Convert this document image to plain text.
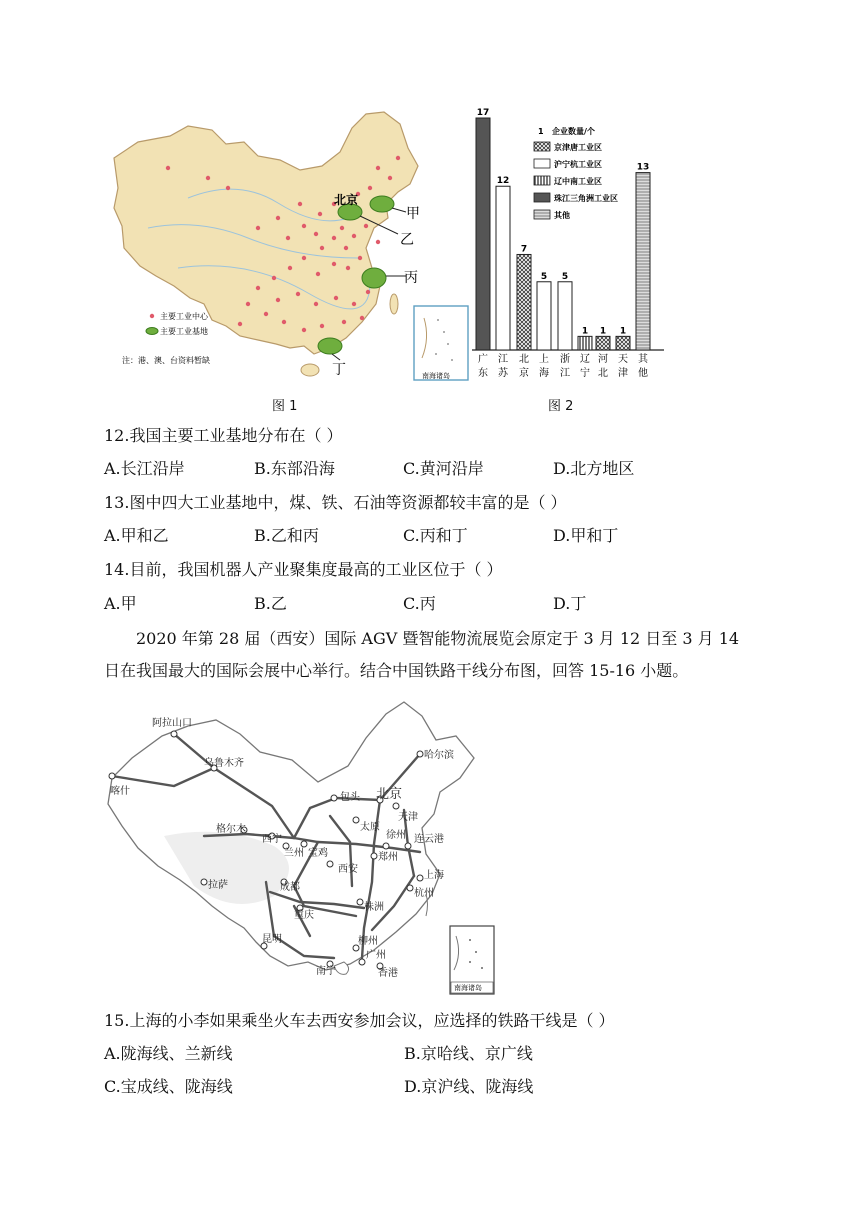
北京
甲
乙
丙
丁
主要工业中心
主要工业基地
注：港、澳、台资料暂缺
南海诸岛
图 1
17
12
7
5 5
1 1 1
13
广
东
江
苏
北
京
上
海
浙
江
辽
宁
河
北
天
津
其
他
1 企业数量/个
京津唐工业区
沪宁杭工业区
辽中南工业区
珠江三角洲工业区
其他
图 2
12.我国主要工业基地分布在（ ）
A.长江沿岸	B.东部沿海	C.黄河沿岸	D.北方地区
13.图中四大工业基地中，煤、铁、石油等资源都较丰富的是（ ）
A.甲和乙	B.乙和丙	C.丙和丁	D.甲和丁
14.目前，我国机器人产业聚集度最高的工业区位于（ ）
A.甲	B.乙	C.丙	D.丁
2020 年第 28 届（西安）国际 AGV 暨智能物流展览会原定于 3 月 12 日至 3 月 14
日在我国最大的国际会展中心举行。结合中国铁路干线分布图，回答 15-16 小题。
阿拉山口
乌鲁木齐
喀什
格尔木
西宁
兰州 宝鸡
拉萨
包头 北京
天津
太原
郑州
西安
成都
重庆
连云港
徐州
上海
杭州
株洲
昆明	柳州
广州
南宁	香港
哈尔滨
南海诸岛
15.上海的小李如果乘坐火车去西安参加会议，应选择的铁路干线是（ ）
A.陇海线、兰新线	B.京哈线、京广线
C.宝成线、陇海线	D.京沪线、陇海线
